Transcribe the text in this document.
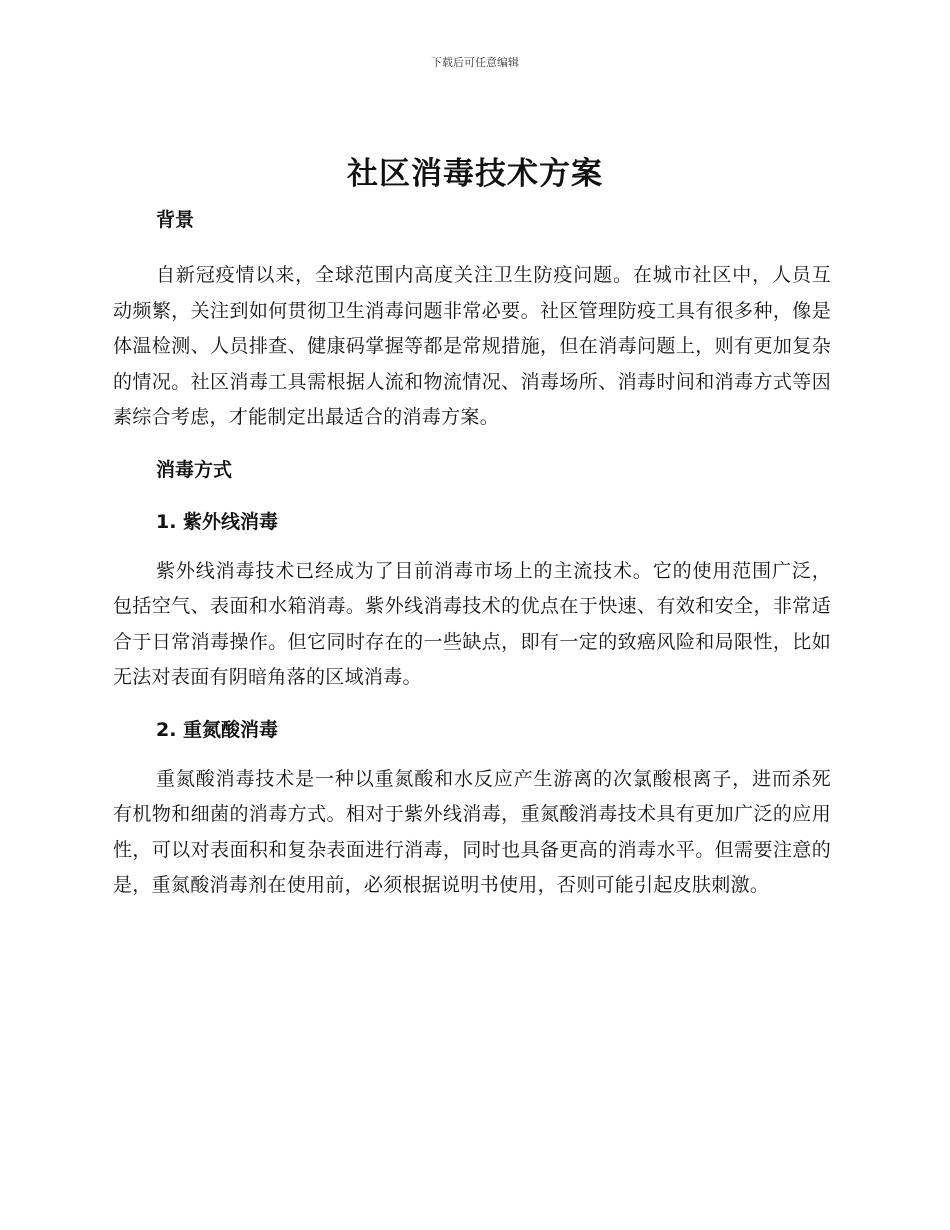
下载后可任意编辑
社区消毒技术方案

背景

自新冠疫情以来，全球范围内高度关注卫生防疫问题。在城市社区中，人员互动频繁，关注到如何贯彻卫生消毒问题非常必要。社区管理防疫工具有很多种，像是体温检测、人员排查、健康码掌握等都是常规措施，但在消毒问题上，则有更加复杂的情况。社区消毒工具需根据人流和物流情况、消毒场所、消毒时间和消毒方式等因素综合考虑，才能制定出最适合的消毒方案。

消毒方式

1. 紫外线消毒

紫外线消毒技术已经成为了目前消毒市场上的主流技术。它的使用范围广泛，包括空气、表面和水箱消毒。紫外线消毒技术的优点在于快速、有效和安全，非常适合于日常消毒操作。但它同时存在的一些缺点，即有一定的致癌风险和局限性，比如无法对表面有阴暗角落的区域消毒。

2. 重氮酸消毒

重氮酸消毒技术是一种以重氮酸和水反应产生游离的次氯酸根离子，进而杀死有机物和细菌的消毒方式。相对于紫外线消毒，重氮酸消毒技术具有更加广泛的应用性，可以对表面积和复杂表面进行消毒，同时也具备更高的消毒水平。但需要注意的是，重氮酸消毒剂在使用前，必须根据说明书使用，否则可能引起皮肤刺激。
